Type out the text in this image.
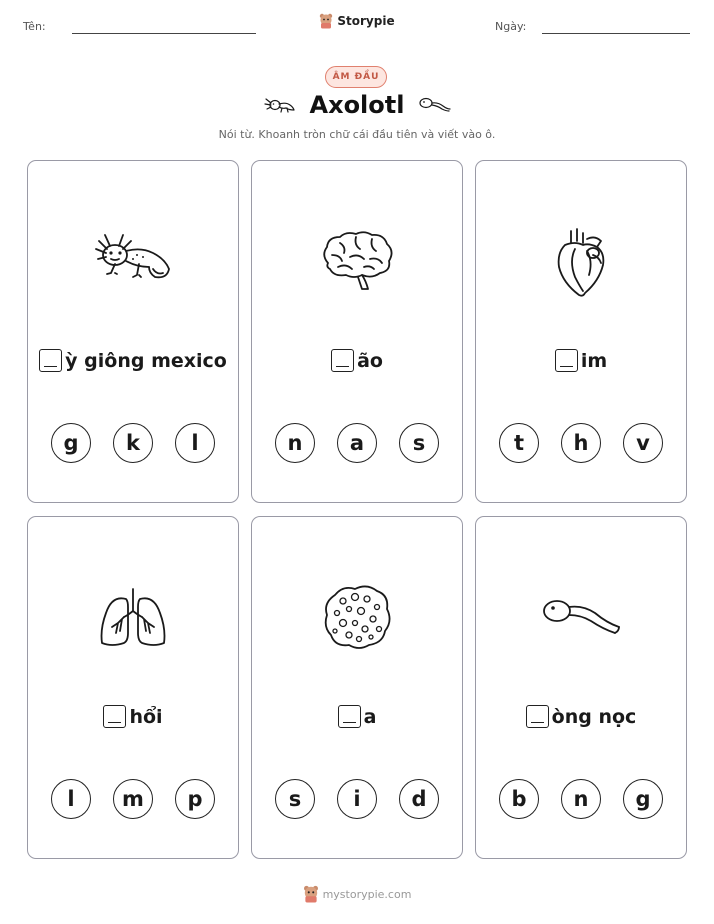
Tên:	Storypie	Ngày:
ÂM ĐẦU
Axolotl
Nói từ. Khoanh tròn chữ cái đầu tiên và viết vào ô.
ỳ giông mexico
g	k	l
ão
n	a	s
im
t	h	v
hổi
l	m	p
a
s	i	d
òng nọc
b	n	g
mystorypie.com
